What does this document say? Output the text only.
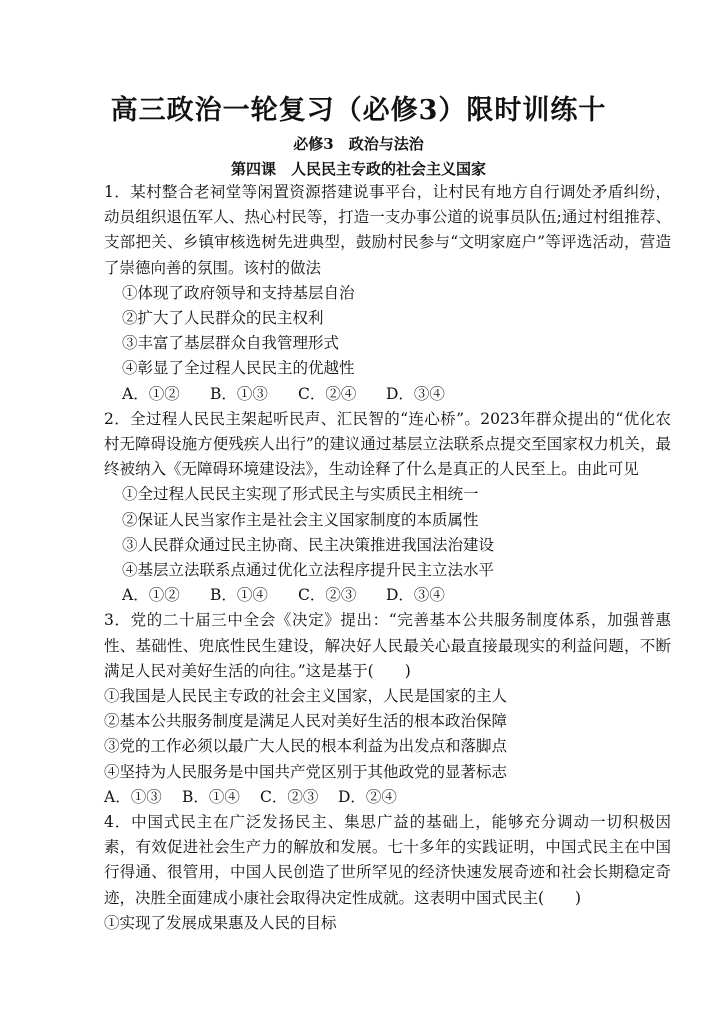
高三政治一轮复习（必修3）限时训练十
必修3　政治与法治
第四课　人民民主专政的社会主义国家

1．某村整合老祠堂等闲置资源搭建说事平台，让村民有地方自行调处矛盾纠纷，动员组织退伍军人、热心村民等，打造一支办事公道的说事员队伍;通过村组推荐、支部把关、乡镇审核选树先进典型，鼓励村民参与“文明家庭户”等评选活动，营造了崇德向善的氛围。该村的做法

①体现了政府领导和支持基层自治

②扩大了人民群众的民主权利

③丰富了基层群众自我管理形式

④彰显了全过程人民民主的优越性

A．①② B．①③ C．②④ D．③④

2．全过程人民民主架起听民声、汇民智的“连心桥”。2023年群众提出的“优化农村无障碍设施方便残疾人出行”的建议通过基层立法联系点提交至国家权力机关，最终被纳入《无障碍环境建设法》，生动诠释了什么是真正的人民至上。由此可见

①全过程人民民主实现了形式民主与实质民主相统一

②保证人民当家作主是社会主义国家制度的本质属性

③人民群众通过民主协商、民主决策推进我国法治建设

④基层立法联系点通过优化立法程序提升民主立法水平

A．①② B．①④ C．②③ D．③④

3．党的二十届三中全会《决定》提出：“完善基本公共服务制度体系，加强普惠性、基础性、兜底性民生建设，解决好人民最关心最直接最现实的利益问题，不断满足人民对美好生活的向往。”这是基于(　　)

①我国是人民民主专政的社会主义国家，人民是国家的主人

②基本公共服务制度是满足人民对美好生活的根本政治保障

③党的工作必须以最广大人民的根本利益为出发点和落脚点

④坚持为人民服务是中国共产党区别于其他政党的显著标志

A．①③ B．①④ C．②③ D．②④

4．中国式民主在广泛发扬民主、集思广益的基础上，能够充分调动一切积极因素，有效促进社会生产力的解放和发展。七十多年的实践证明，中国式民主在中国行得通、很管用，中国人民创造了世所罕见的经济快速发展奇迹和社会长期稳定奇迹，决胜全面建成小康社会取得决定性成就。这表明中国式民主(　　)

①实现了发展成果惠及人民的目标
